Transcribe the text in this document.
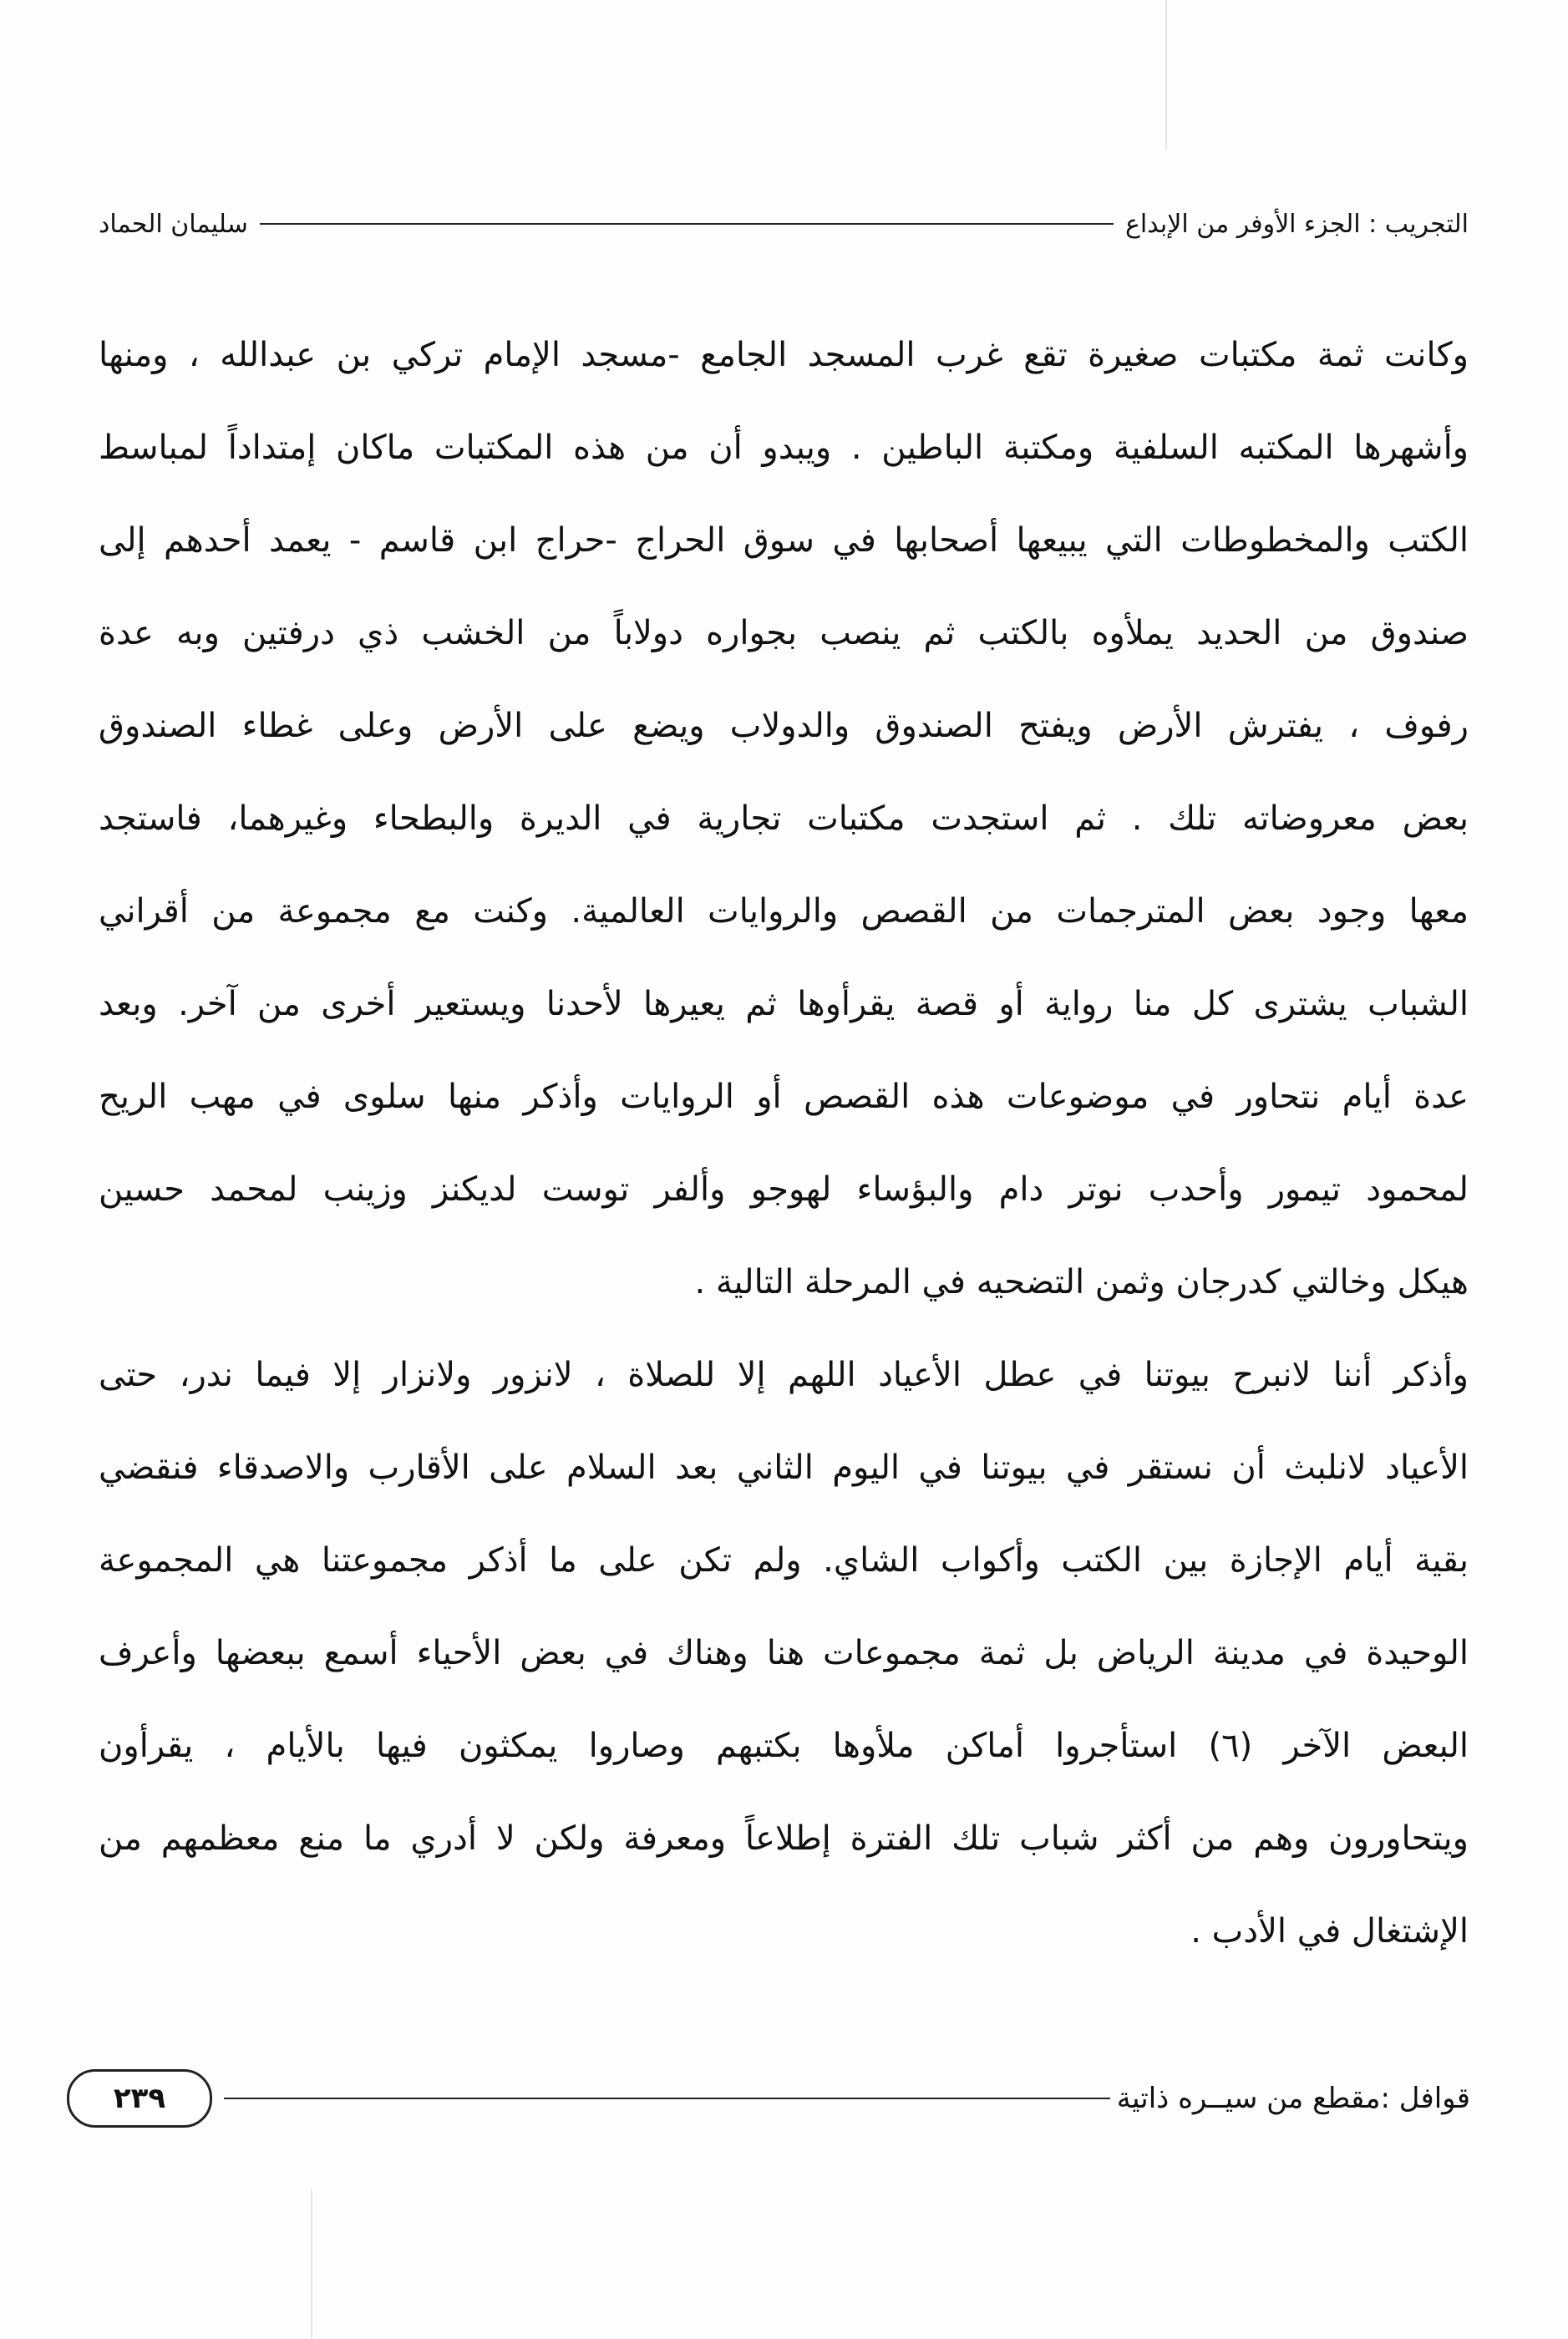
التجريب : الجزء الأوفر من الإبداع
سليمان الحماد
وكانت ثمة مكتبات صغيرة تقع غرب المسجد الجامع -مسجد الإمام تركي بن عبدالله ، ومنها
وأشهرها المكتبه السلفية ومكتبة الباطين . ويبدو أن من هذه المكتبات ماكان إمتداداً لمباسط
الكتب والمخطوطات التي يبيعها أصحابها في سوق الحراج -حراج ابن قاسم - يعمد أحدهم إلى
صندوق من الحديد يملأوه بالكتب ثم ينصب بجواره دولاباً من الخشب ذي درفتين وبه عدة
رفوف ، يفترش الأرض ويفتح الصندوق والدولاب ويضع على الأرض وعلى غطاء الصندوق
بعض معروضاته تلك . ثم استجدت مكتبات تجارية في الديرة والبطحاء وغيرهما، فاستجد
معها وجود بعض المترجمات من القصص والروايات العالمية. وكنت مع مجموعة من أقراني
الشباب يشترى كل منا رواية أو قصة يقرأوها ثم يعيرها لأحدنا ويستعير أخرى من آخر. وبعد
عدة أيام نتحاور في موضوعات هذه القصص أو الروايات وأذكر منها سلوى في مهب الريح
لمحمود تيمور وأحدب نوتر دام والبؤساء لهوجو وألفر توست لديكنز وزينب لمحمد حسين
هيكل وخالتي كدرجان وثمن التضحيه في المرحلة التالية .
وأذكر أننا لانبرح بيوتنا في عطل الأعياد اللهم إلا للصلاة ، لانزور ولانزار إلا فيما ندر، حتى
الأعياد لانلبث أن نستقر في بيوتنا في اليوم الثاني بعد السلام على الأقارب والاصدقاء فنقضي
بقية أيام الإجازة بين الكتب وأكواب الشاي. ولم تكن على ما أذكر مجموعتنا هي المجموعة
الوحيدة في مدينة الرياض بل ثمة مجموعات هنا وهناك في بعض الأحياء أسمع ببعضها وأعرف
البعض الآخر (٦) استأجروا أماكن ملأوها بكتبهم وصاروا يمكثون فيها بالأيام ، يقرأون
ويتحاورون وهم من أكثر شباب تلك الفترة إطلاعاً ومعرفة ولكن لا أدري ما منع معظمهم من
الإشتغال في الأدب .
قوافل :مقطع من سيــره ذاتية
٢٣٩
